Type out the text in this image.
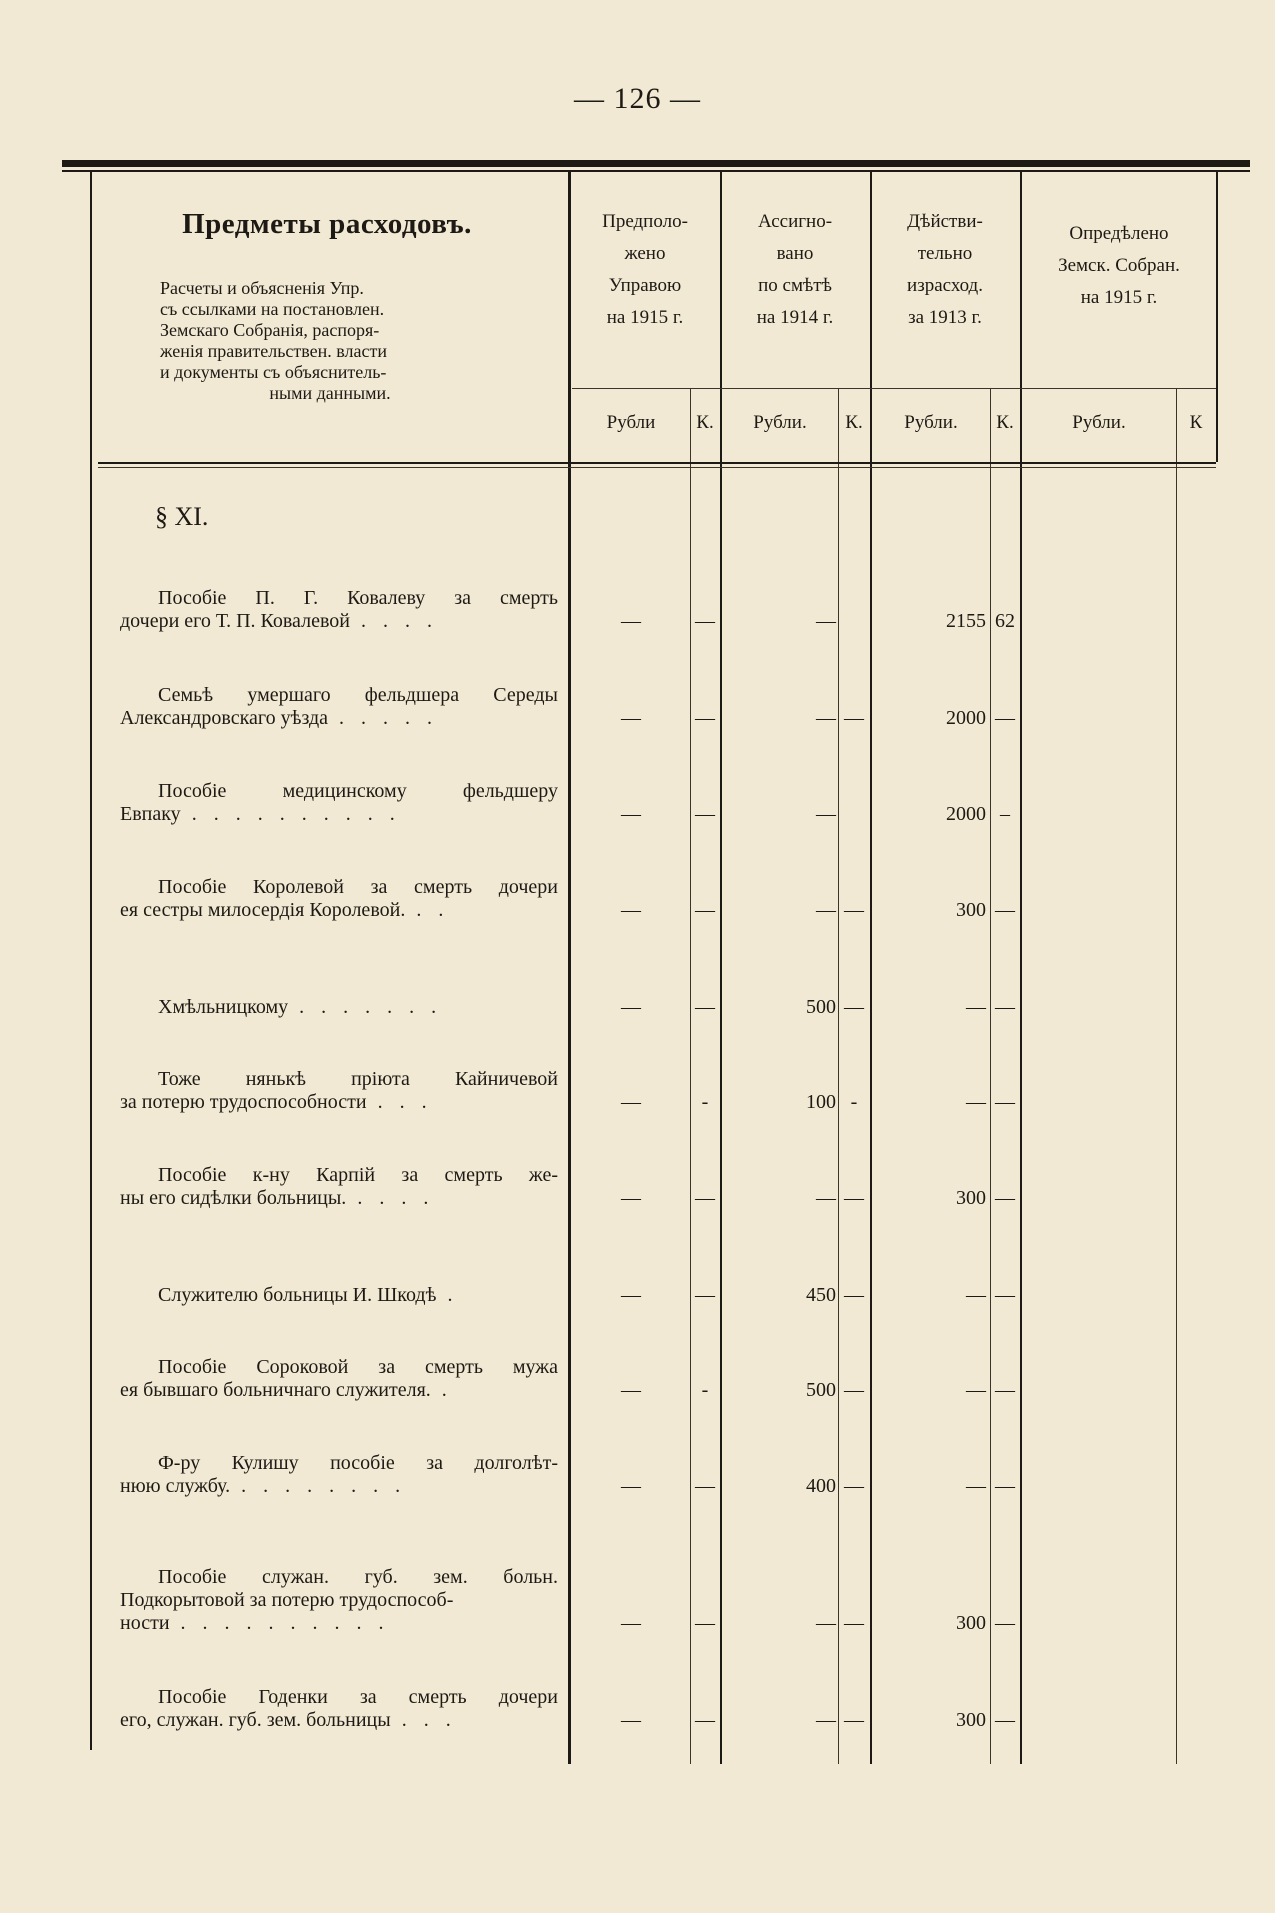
— 126 —
Предметы расходовъ.
Расчеты и объясненія Упр.
съ ссылками на постановлен.
Земскаго Собранія, распоря-
женія правительствен. власти
и документы съ объяснитель-
ными данными.
Предполо-
жено
Управою
на 1915 г.
Ассигно-
вано
по смѣтѣ
на 1914 г.
Дѣйстви-
тельно
израсход.
за 1913 г.
Опредѣлено
Земск. Собран.
на 1915 г.
Рубли	К.	Рубли.	К.	Рубли.	К.	Рубли.	К
§ XI.
Пособіе П. Г. Ковалеву за смерть
дочери его Т. П. Ковалевой . . . .	—	—	—	2155 62
Семьѣ умершаго фельдшера Середы
Александровскаго уѣзда . . . . .	—	—	— —	2000 —
Пособіе медицинскому фельдшеру
Евпаку . . . . . . . . . .	—	—	—	2000 –
Пособіе Королевой за смерть дочери
ея сестры милосердія Королевой. . .	—	—	— —	300 —
Хмѣльницкому . . . . . . .	—	—	500 —	— —
Тоже нянькѣ пріюта Кайничевой
за потерю трудоспособности . . .	—	-	100 -	— —
Пособіе к-ну Карпій за смерть же-
ны его сидѣлки больницы. . . . .	—	—	— —	300 —
Служителю больницы И. Шкодѣ .	—	—	450 —	— —
Пособіе Сороковой за смерть мужа
ея бывшаго больничнаго служителя. .	—	-	500 —	— —
Ф-ру Кулишу пособіе за долголѣт-
нюю службу. . . . . . . . .	—	—	400 —	— —
Пособіе служан. губ. зем. больн.
Подкорытовой за потерю трудоспособ-
ности . . . . . . . . . .	—	—	— —	300 —
Пособіе Годенки за смерть дочери
его, служан. губ. зем. больницы . . .	—	—	— —	300 —
